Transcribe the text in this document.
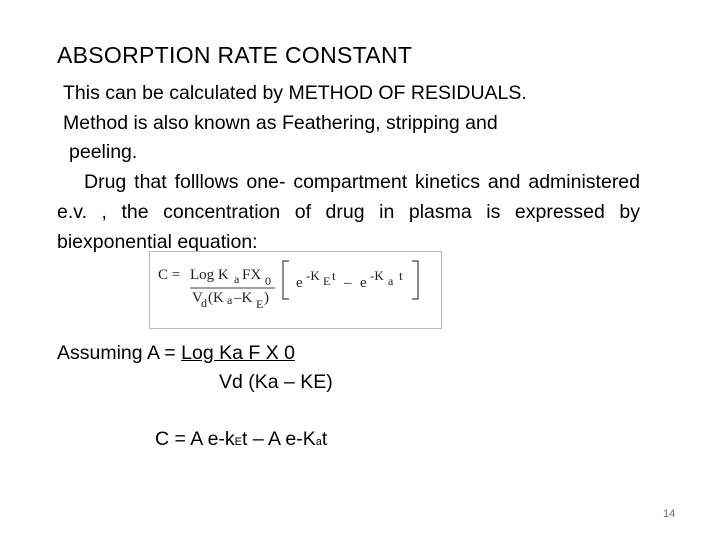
ABSORPTION RATE CONSTANT
This can be calculated by METHOD OF RESIDUALS.
Method is also known as Feathering, stripping and
peeling.
Drug that folllows one- compartment kinetics and administered e.v. , the concentration of drug in plasma is expressed by biexponential equation:
C = Log K a FX 0
V
d (K a –K E )
e -K E t – e -K a t
Assuming A = Log Ka F X 0
Vd (Ka – KE)
C = A e-kEt – A e-Kat
14
